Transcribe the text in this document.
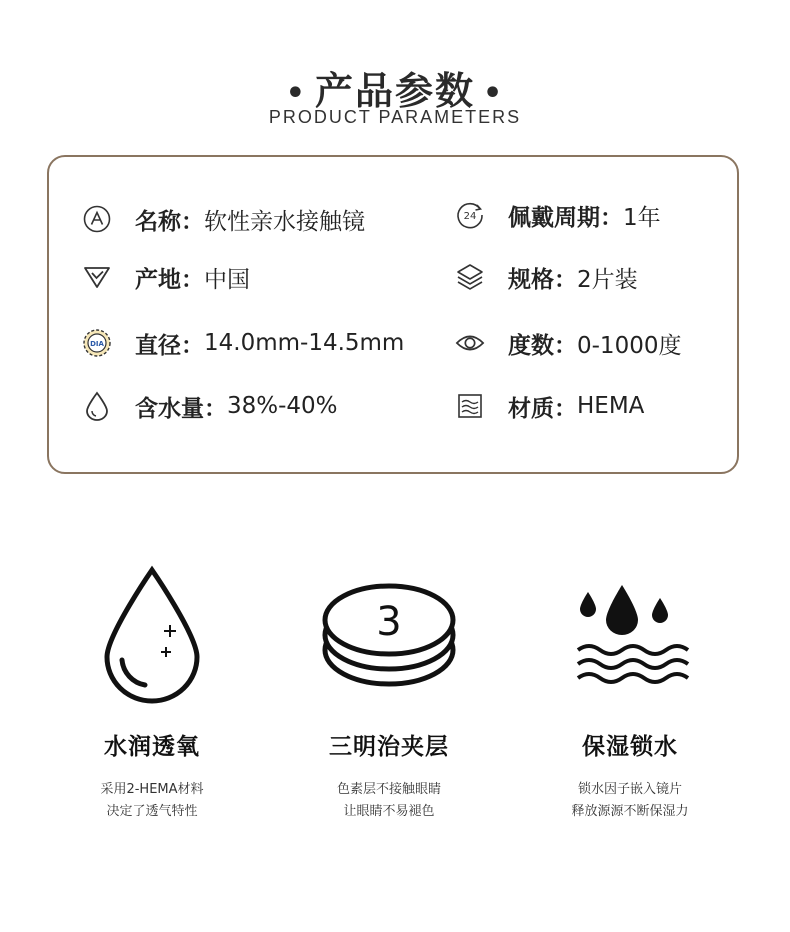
• 产品参数 •
PRODUCT PARAMETERS
名称： 软性亲水接触镜	24 佩戴周期： 1年
产地： 中国	规格： 2片装
DIA 直径： 14.0mm-14.5mm	度数： 0-1000度
含水量： 38%-40%	材质： HEMA
水润透氧
采用2-HEMA材料
决定了透气特性
3
三明治夹层
色素层不接触眼睛
让眼睛不易褪色
保湿锁水
锁水因子嵌入镜片
释放源源不断保湿力
